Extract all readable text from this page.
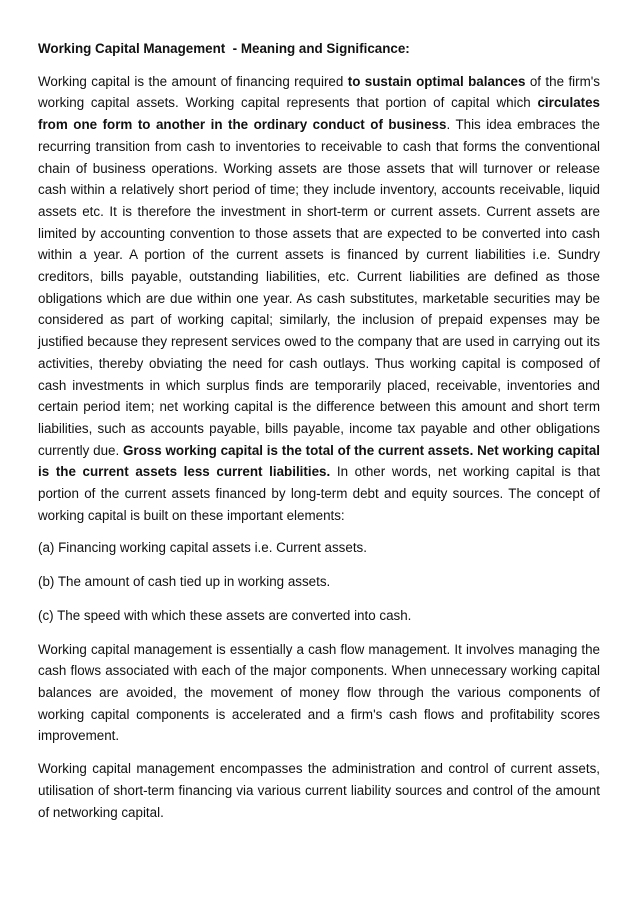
Working Capital Management  - Meaning and Significance:

Working capital is the amount of financing required to sustain optimal balances of the firm's working capital assets. Working capital represents that portion of capital which circulates from one form to another in the ordinary conduct of business. This idea embraces the recurring transition from cash to inventories to receivable to cash that forms the conventional chain of business operations. Working assets are those assets that will turnover or release cash within a relatively short period of time; they include inventory, accounts receivable, liquid assets etc. It is therefore the investment in short-term or current assets. Current assets are limited by accounting convention to those assets that are expected to be converted into cash within a year. A portion of the current assets is financed by current liabilities i.e. Sundry creditors, bills payable, outstanding liabilities, etc. Current liabilities are defined as those obligations which are due within one year. As cash substitutes, marketable securities may be considered as part of working capital; similarly, the inclusion of prepaid expenses may be justified because they represent services owed to the company that are used in carrying out its activities, thereby obviating the need for cash outlays. Thus working capital is composed of cash investments in which surplus finds are temporarily placed, receivable, inventories and certain period item; net working capital is the difference between this amount and short term liabilities, such as accounts payable, bills payable, income tax payable and other obligations currently due. Gross working capital is the total of the current assets. Net working capital is the current assets less current liabilities. In other words, net working capital is that portion of the current assets financed by long-term debt and equity sources. The concept of working capital is built on these important elements:

(a) Financing working capital assets i.e. Current assets.
(b) The amount of cash tied up in working assets.
(c) The speed with which these assets are converted into cash.

Working capital management is essentially a cash flow management. It involves managing the cash flows associated with each of the major components. When unnecessary working capital balances are avoided, the movement of money flow through the various components of working capital components is accelerated and a firm's cash flows and profitability scores improvement.

Working capital management encompasses the administration and control of current assets, utilisation of short-term financing via various current liability sources and control of the amount of networking capital.
